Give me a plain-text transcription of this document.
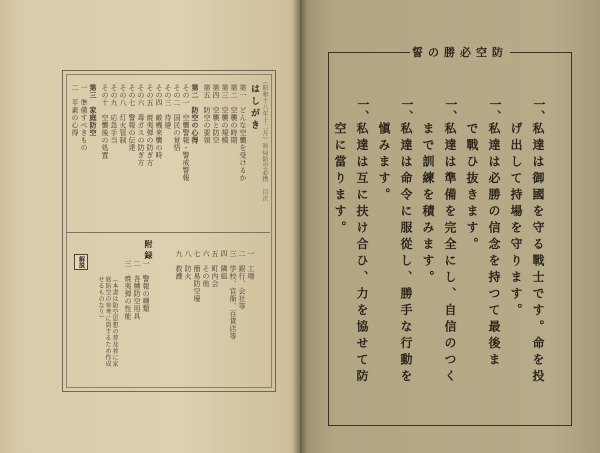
（昭和十八年十二月）時局防空必携　目次
はしがき
第一　どんな空襲を受けるか
第二　空襲の時期
第三　空襲の規模
第四　空襲と防空
第五　防空の要領
第二　防空の心得
その一　空襲警報・警戒警報
その二　国民の覚悟
その三　待避
その四　敵機来襲の時
その五　焼夷弾の防ぎ方
その六　毒ガスの防ぎ方
その七　警報の伝達
その八　灯火管制
その九　応急手当
その十　空襲後の処置
第三　家庭防空
一　準備すべきもの
二　平素の心得
附録	一　工場
二　銀行、会社等
三　学校、官衙、百貨店等
四　隣組
五　町内会
六　その他
七　簡易防空壕
八　防火
九　救護
解説	一　警報の種類
二　各種防空用具
三　焼夷弾の性能
（本書は防空思想の普及並に家庭防空の参考に資するため作成せるものなり）
防空必勝の誓
一、
私達は御國を守る戰士です。命を投
げ出して持場を守ります。
一、
私達は必勝の信念を持つて最後ま
で戰ひ抜きます。
一、
私達は準備を完全にし、自信のつく
まで訓練を積みます。
一、
私達は命令に服從し、勝手な行動を
愼みます。
一、
私達は互に扶け合ひ、力を協せて防
空に當ります。
